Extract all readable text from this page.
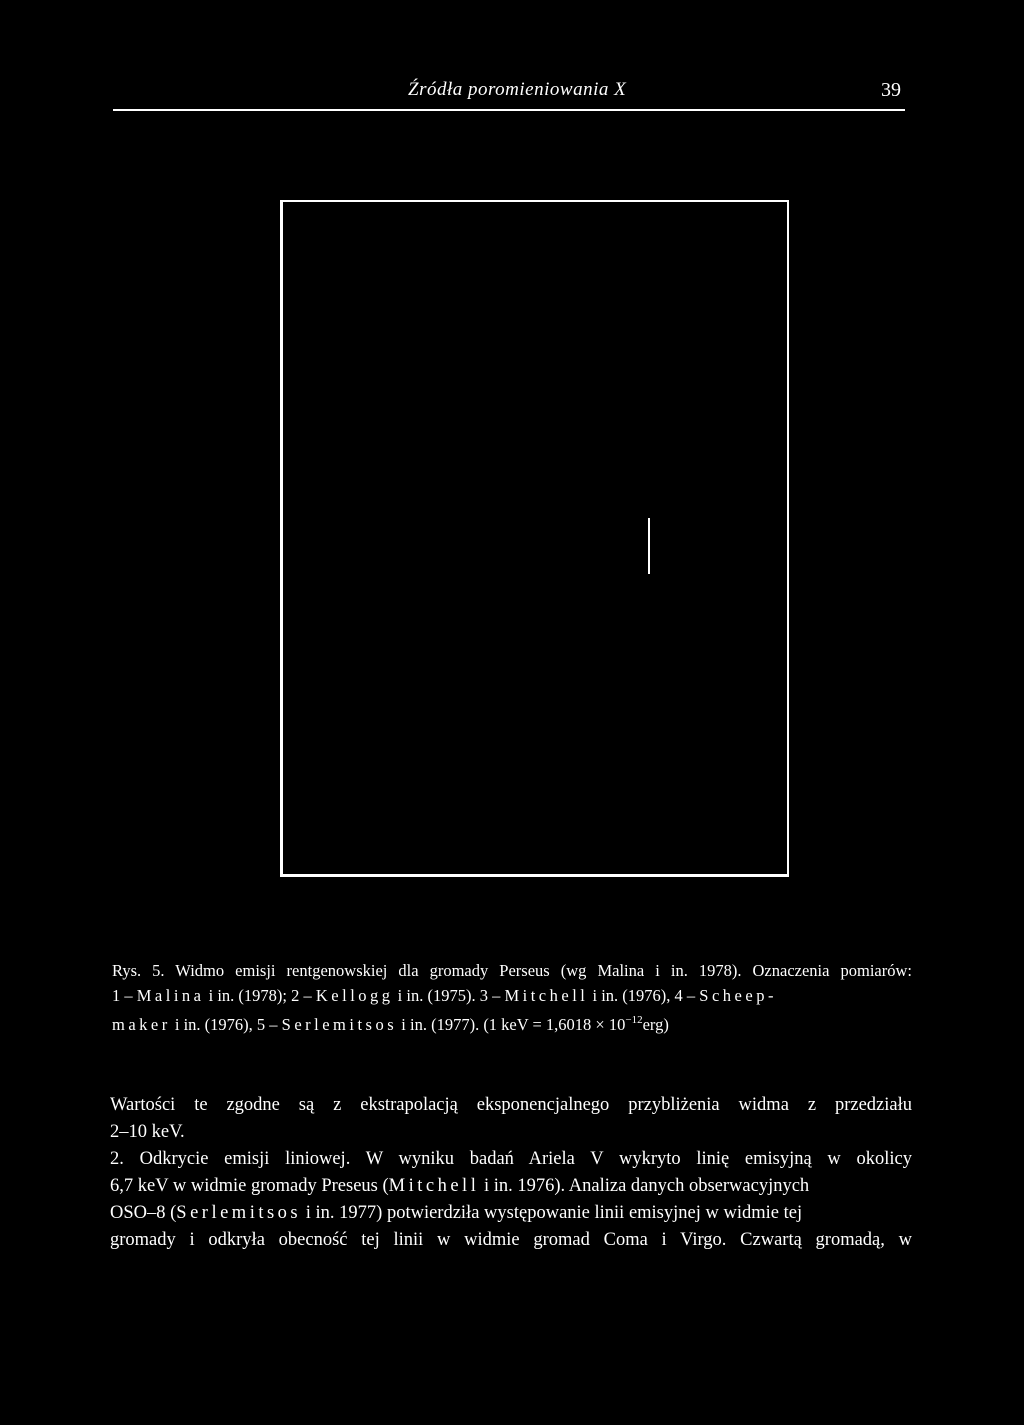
Źródła poromieniowania X	39
Rys. 5. Widmo emisji rentgenowskiej dla gromady Perseus (wg Malina i in. 1978). Oznaczenia pomiarów:
1 – Malina i in. (1978); 2 – Kellogg i in. (1975). 3 – Mitchell i in. (1976), 4 – Scheep-
maker i in. (1976), 5 – Serlemitsos i in. (1977). (1 keV = $1,6018 \times 10^{-12}erg$)
Wartości te zgodne są z ekstrapolacją eksponencjalnego przybliżenia widma z przedziału
2–10 keV.
2. Odkrycie emisji liniowej. W wyniku badań Ariela V wykryto linię emisyjną w okolicy
6,7 keV w widmie gromady Preseus (Mitchell i in. 1976). Analiza danych obserwacyjnych
OSO–8 (Serlemitsos i in. 1977) potwierdziła występowanie linii emisyjnej w widmie tej
gromady i odkryła obecność tej linii w widmie gromad Coma i Virgo. Czwartą gromadą, w
